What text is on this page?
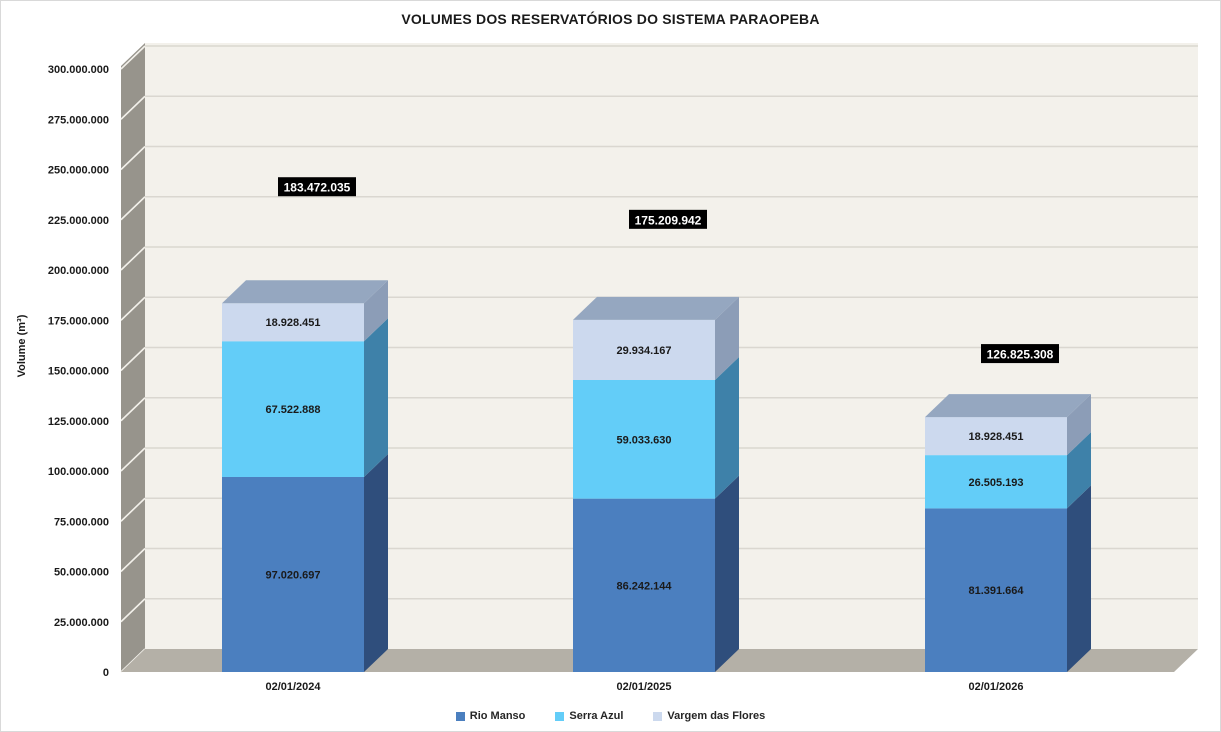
VOLUMES DOS RESERVATÓRIOS DO SISTEMA PARAOPEBA
Volume (m³)
0
25.000.000
50.000.000
75.000.000
100.000.000
125.000.000
150.000.000
175.000.000
200.000.000
225.000.000
250.000.000
275.000.000
300.000.000
97.020.697
67.522.888
18.928.451
183.472.035
02/01/2024
86.242.144
59.033.630
29.934.167
175.209.942
02/01/2025
81.391.664
26.505.193
18.928.451
126.825.308
02/01/2026
Rio Manso	Serra Azul	Vargem das Flores
